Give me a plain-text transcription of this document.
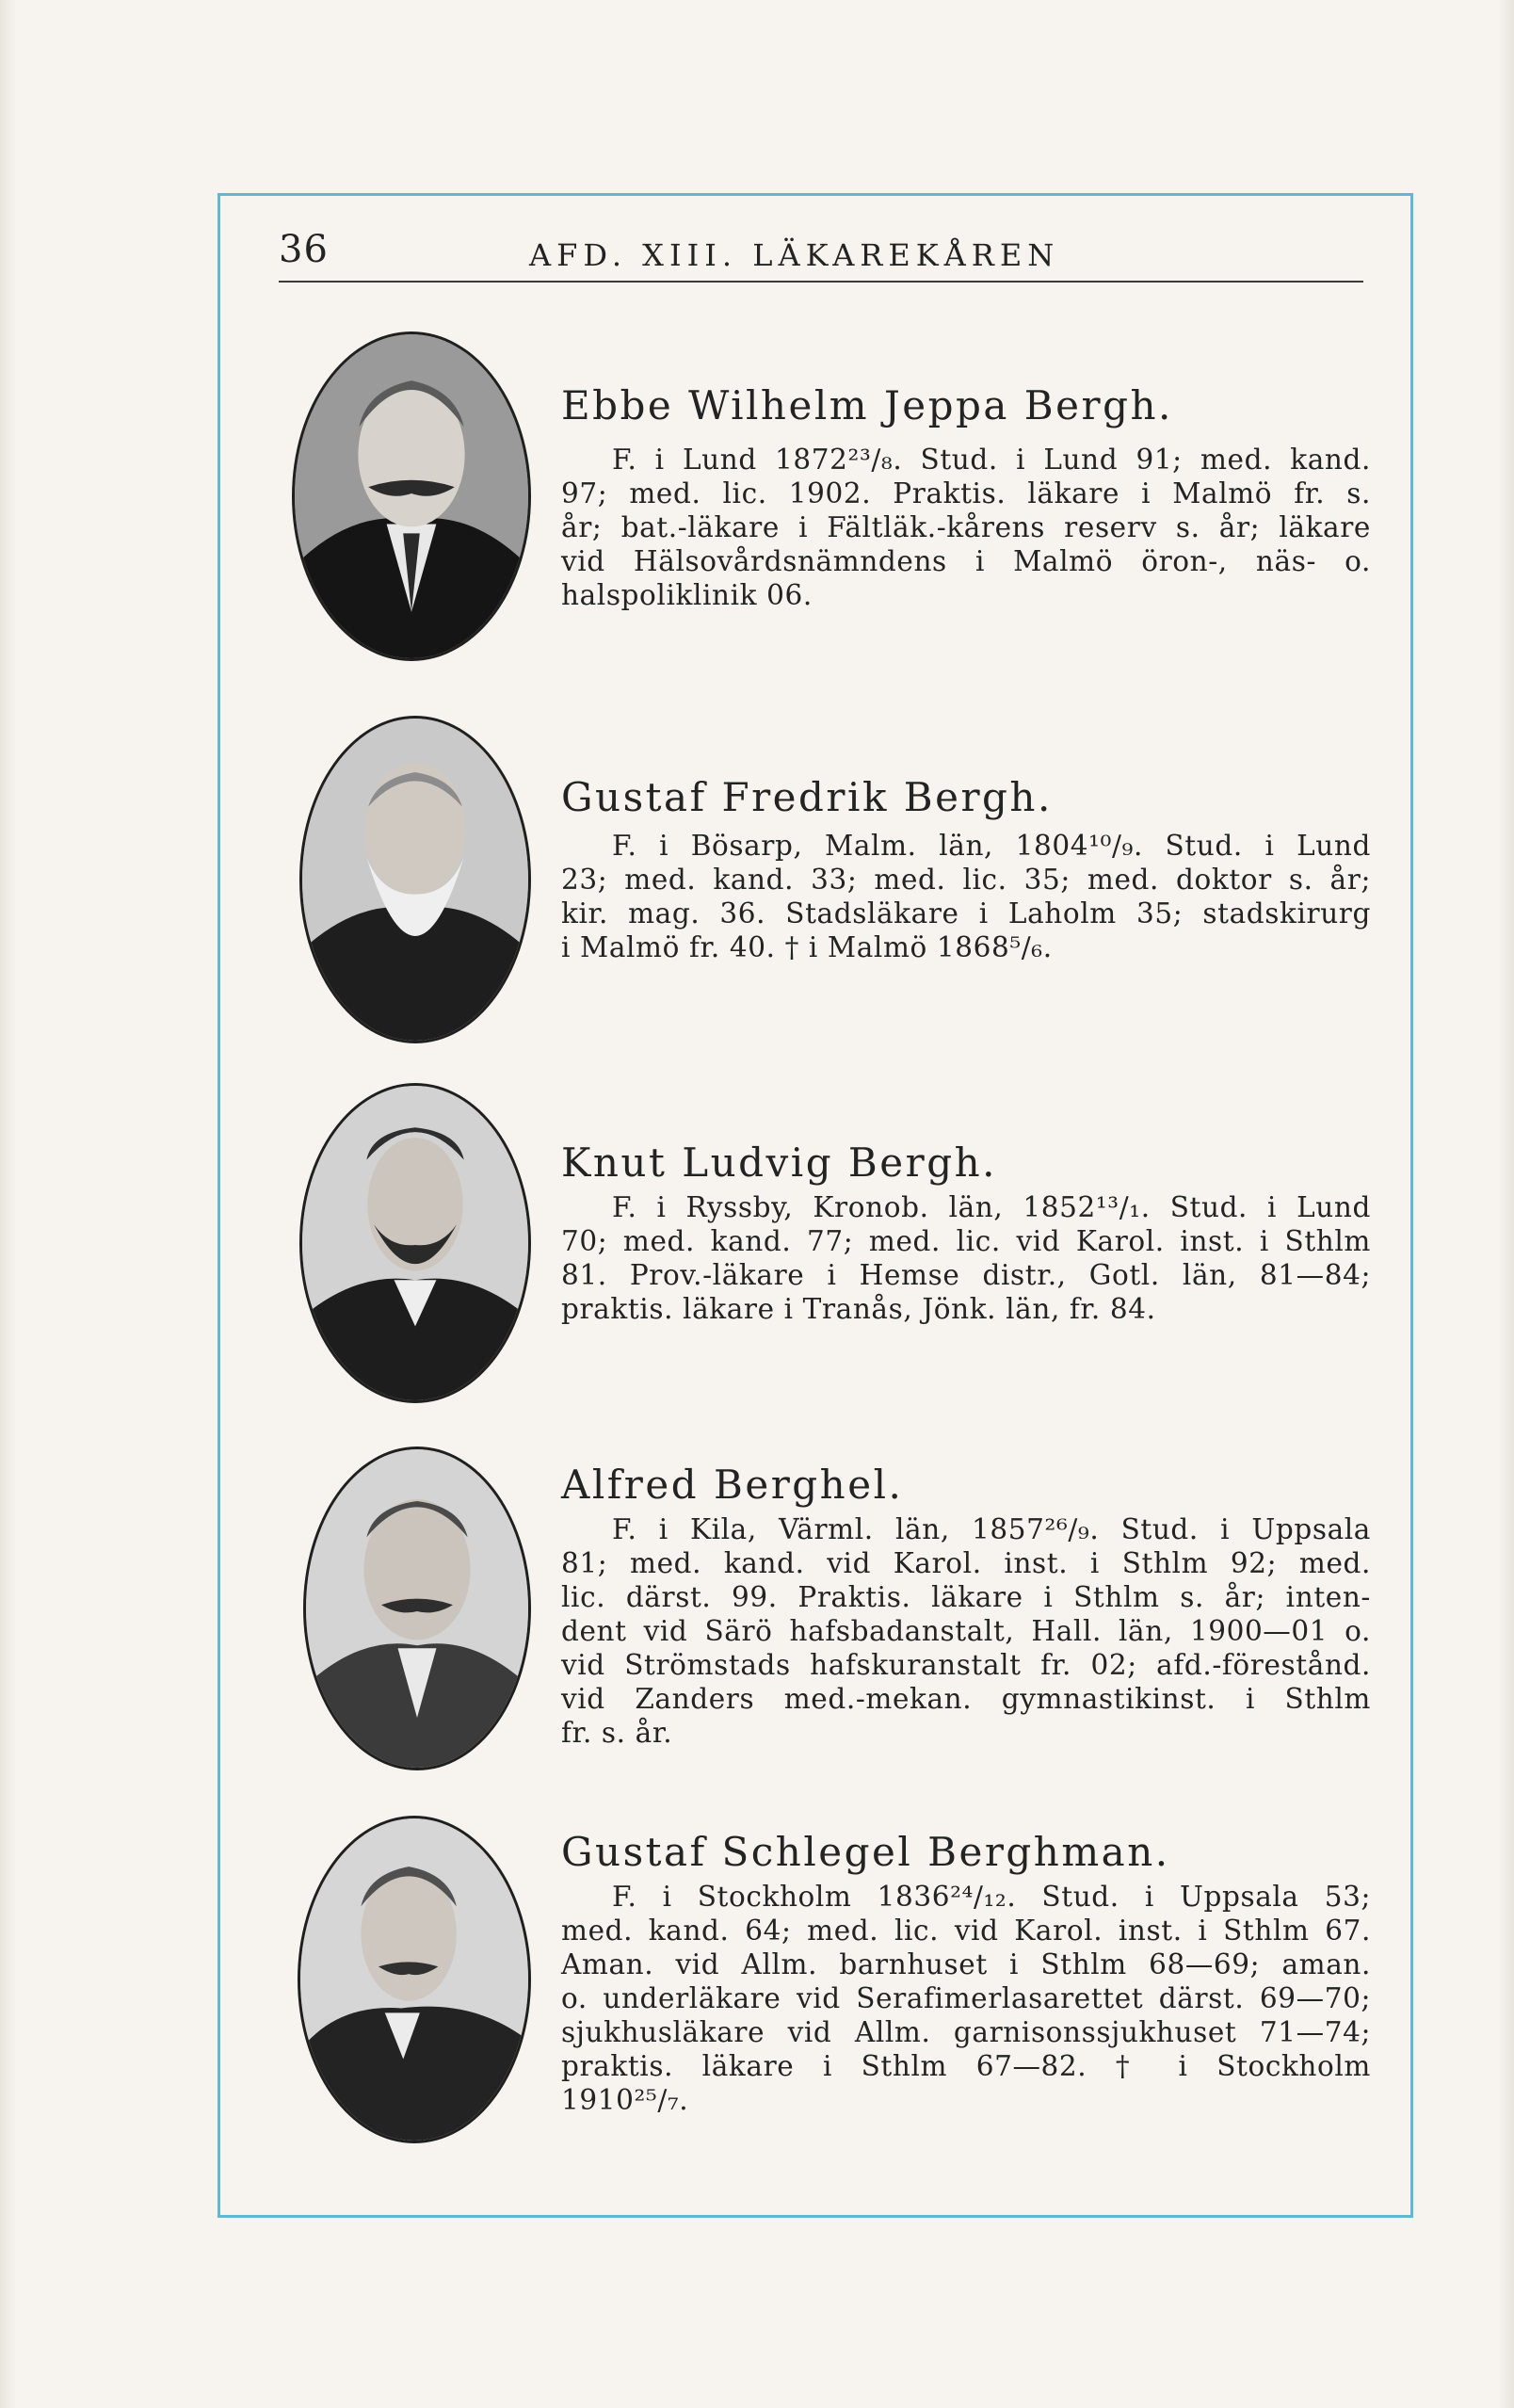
36	AFD. XIII. LÄKAREKÅREN
Ebbe Wilhelm Jeppa Bergh.
F. i Lund 1872²³/₈. Stud. i Lund 91; med. kand.
97; med. lic. 1902. Praktis. läkare i Malmö fr. s.
år; bat.-läkare i Fältläk.-kårens reserv s. år; läkare
vid Hälsovårdsnämndens i Malmö öron-, näs- o.
halspoliklinik 06.
Gustaf Fredrik Bergh.
F. i Bösarp, Malm. län, 1804¹⁰/₉. Stud. i Lund
23; med. kand. 33; med. lic. 35; med. doktor s. år;
kir. mag. 36. Stadsläkare i Laholm 35; stadskirurg
i Malmö fr. 40. † i Malmö 1868⁵/₆.
Knut Ludvig Bergh.
F. i Ryssby, Kronob. län, 1852¹³/₁. Stud. i Lund
70; med. kand. 77; med. lic. vid Karol. inst. i Sthlm
81. Prov.-läkare i Hemse distr., Gotl. län, 81—84;
praktis. läkare i Tranås, Jönk. län, fr. 84.
Alfred Berghel.
F. i Kila, Värml. län, 1857²⁶/₉. Stud. i Uppsala
81; med. kand. vid Karol. inst. i Sthlm 92; med.
lic. därst. 99. Praktis. läkare i Sthlm s. år; inten-
dent vid Särö hafsbadanstalt, Hall. län, 1900—01 o.
vid Strömstads hafskuranstalt fr. 02; afd.-förestånd.
vid Zanders med.-mekan. gymnastikinst. i Sthlm
fr. s. år.
Gustaf Schlegel Berghman.
F. i Stockholm 1836²⁴/₁₂. Stud. i Uppsala 53;
med. kand. 64; med. lic. vid Karol. inst. i Sthlm 67.
Aman. vid Allm. barnhuset i Sthlm 68—69; aman.
o. underläkare vid Serafimerlasarettet därst. 69—70;
sjukhusläkare vid Allm. garnisonssjukhuset 71—74;
praktis. läkare i Sthlm 67—82. † i Stockholm
1910²⁵/₇.
